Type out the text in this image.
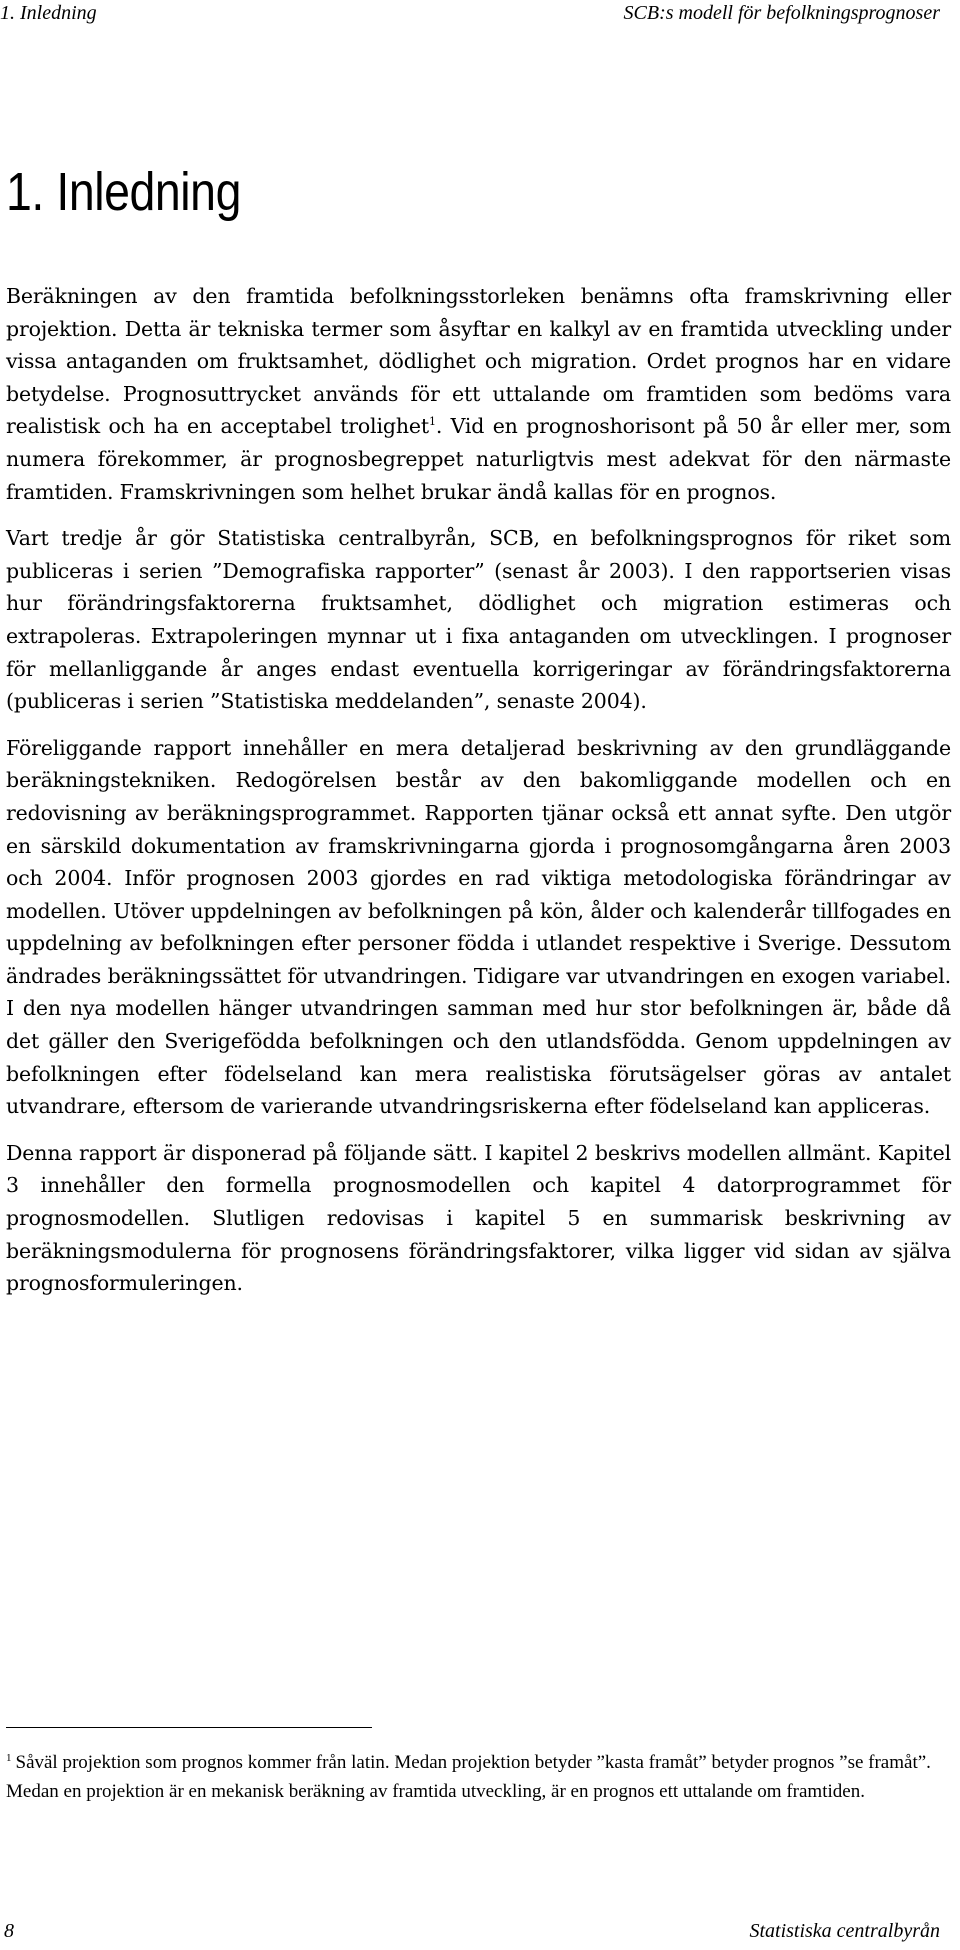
1. Inledning	SCB:s modell för befolkningsprognoser
1. Inledning

Beräkningen av den framtida befolkningsstorleken benämns ofta framskrivning eller projektion. Detta är tekniska termer som åsyftar en kalkyl av en framtida utveckling under vissa antaganden om fruktsamhet, dödlighet och migration. Ordet prognos har en vidare betydelse. Prognosuttrycket används för ett uttalande om framtiden som bedöms vara realistisk och ha en acceptabel trolighet$^1$. Vid en prognoshorisont på 50 år eller mer, som numera förekommer, är prognosbegreppet naturligtvis mest adekvat för den närmaste framtiden. Framskrivningen som helhet brukar ändå kallas för en prognos.

Vart tredje år gör Statistiska centralbyrån, SCB, en befolkningsprognos för riket som publiceras i serien ”Demografiska rapporter” (senast år 2003). I den rapportserien visas hur förändringsfaktorerna fruktsamhet, dödlighet och migration estimeras och extrapoleras. Extrapoleringen mynnar ut i fixa antaganden om utvecklingen. I prognoser för mellanliggande år anges endast eventuella korrigeringar av förändringsfaktorerna (publiceras i serien ”Statistiska meddelanden”, senaste 2004).

Föreliggande rapport innehåller en mera detaljerad beskrivning av den grundläggande beräkningstekniken. Redogörelsen består av den bakomliggande modellen och en redovisning av beräkningsprogrammet. Rapporten tjänar också ett annat syfte. Den utgör en särskild dokumentation av framskrivningarna gjorda i prognosomgångarna åren 2003 och 2004. Inför prognosen 2003 gjordes en rad viktiga metodologiska förändringar av modellen. Utöver uppdelningen av befolkningen på kön, ålder och kalenderår tillfogades en uppdelning av befolkningen efter personer födda i utlandet respektive i Sverige. Dessutom ändrades beräkningssättet för utvandringen. Tidigare var utvandringen en exogen variabel. I den nya modellen hänger utvandringen samman med hur stor befolkningen är, både då det gäller den Sverigefödda befolkningen och den utlandsfödda. Genom uppdelningen av befolkningen efter födelseland kan mera realistiska förutsägelser göras av antalet utvandrare, eftersom de varierande utvandringsriskerna efter födelseland kan appliceras.

Denna rapport är disponerad på följande sätt. I kapitel 2 beskrivs modellen allmänt. Kapitel 3 innehåller den formella prognosmodellen och kapitel 4 datorprogrammet för prognosmodellen. Slutligen redovisas i kapitel 5 en summarisk beskrivning av beräkningsmodulerna för prognosens förändringsfaktorer, vilka ligger vid sidan av själva prognosformuleringen.

$^1$ Såväl projektion som prognos kommer från latin. Medan projektion betyder ”kasta framåt” betyder prognos ”se framåt”. Medan en projektion är en mekanisk beräkning av framtida utveckling, är en prognos ett uttalande om framtiden.

8	Statistiska centralbyrån
